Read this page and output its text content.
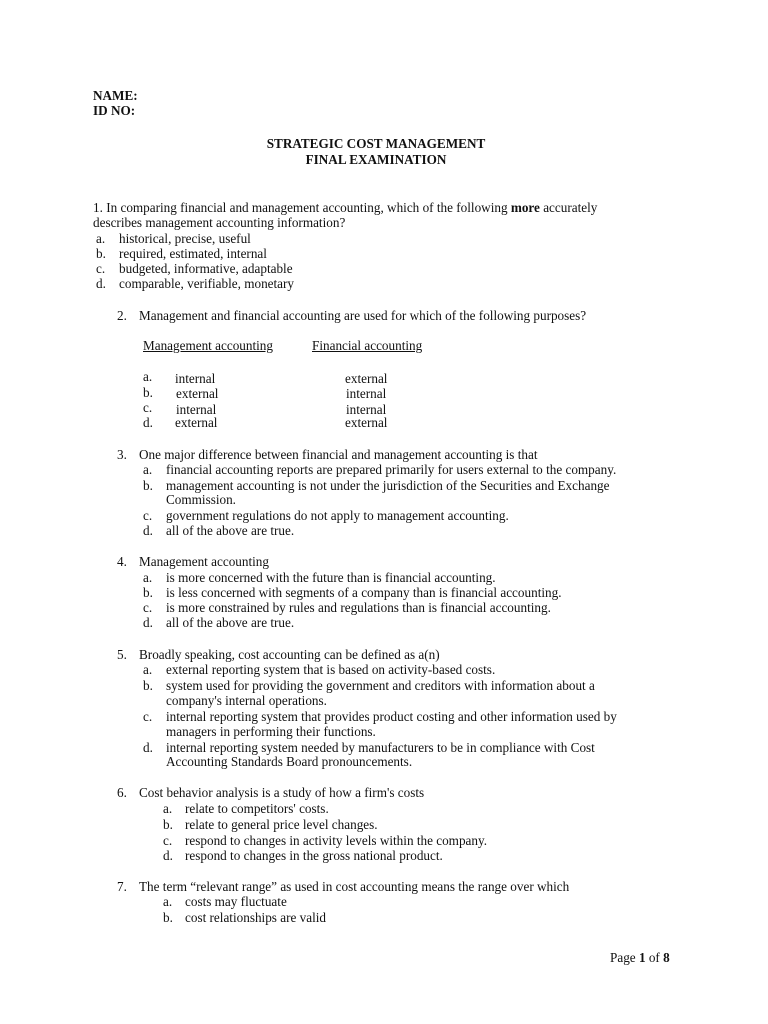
NAME:
ID NO:
STRATEGIC COST MANAGEMENT
FINAL EXAMINATION
1. In comparing financial and management accounting, which of the following more accurately
describes management accounting information?
a. historical, precise, useful
b. required, estimated, internal
c. budgeted, informative, adaptable
d. comparable, verifiable, monetary
2. Management and financial accounting are used for which of the following purposes?
Management accounting	Financial accounting
a. internal	external
b. external	internal
c. internal	internal
d. external	external
3. One major difference between financial and management accounting is that
a. financial accounting reports are prepared primarily for users external to the company.
b. management accounting is not under the jurisdiction of the Securities and Exchange
Commission.
c. government regulations do not apply to management accounting.
d. all of the above are true.
4. Management accounting
a. is more concerned with the future than is financial accounting.
b. is less concerned with segments of a company than is financial accounting.
c. is more constrained by rules and regulations than is financial accounting.
d. all of the above are true.
5. Broadly speaking, cost accounting can be defined as a(n)
a. external reporting system that is based on activity-based costs.
b. system used for providing the government and creditors with information about a
company's internal operations.
c. internal reporting system that provides product costing and other information used by
managers in performing their functions.
d. internal reporting system needed by manufacturers to be in compliance with Cost
Accounting Standards Board pronouncements.
6. Cost behavior analysis is a study of how a firm's costs
a. relate to competitors' costs.
b. relate to general price level changes.
c. respond to changes in activity levels within the company.
d. respond to changes in the gross national product.
7. The term “relevant range” as used in cost accounting means the range over which
a. costs may fluctuate
b. cost relationships are valid
Page 1 of 8
